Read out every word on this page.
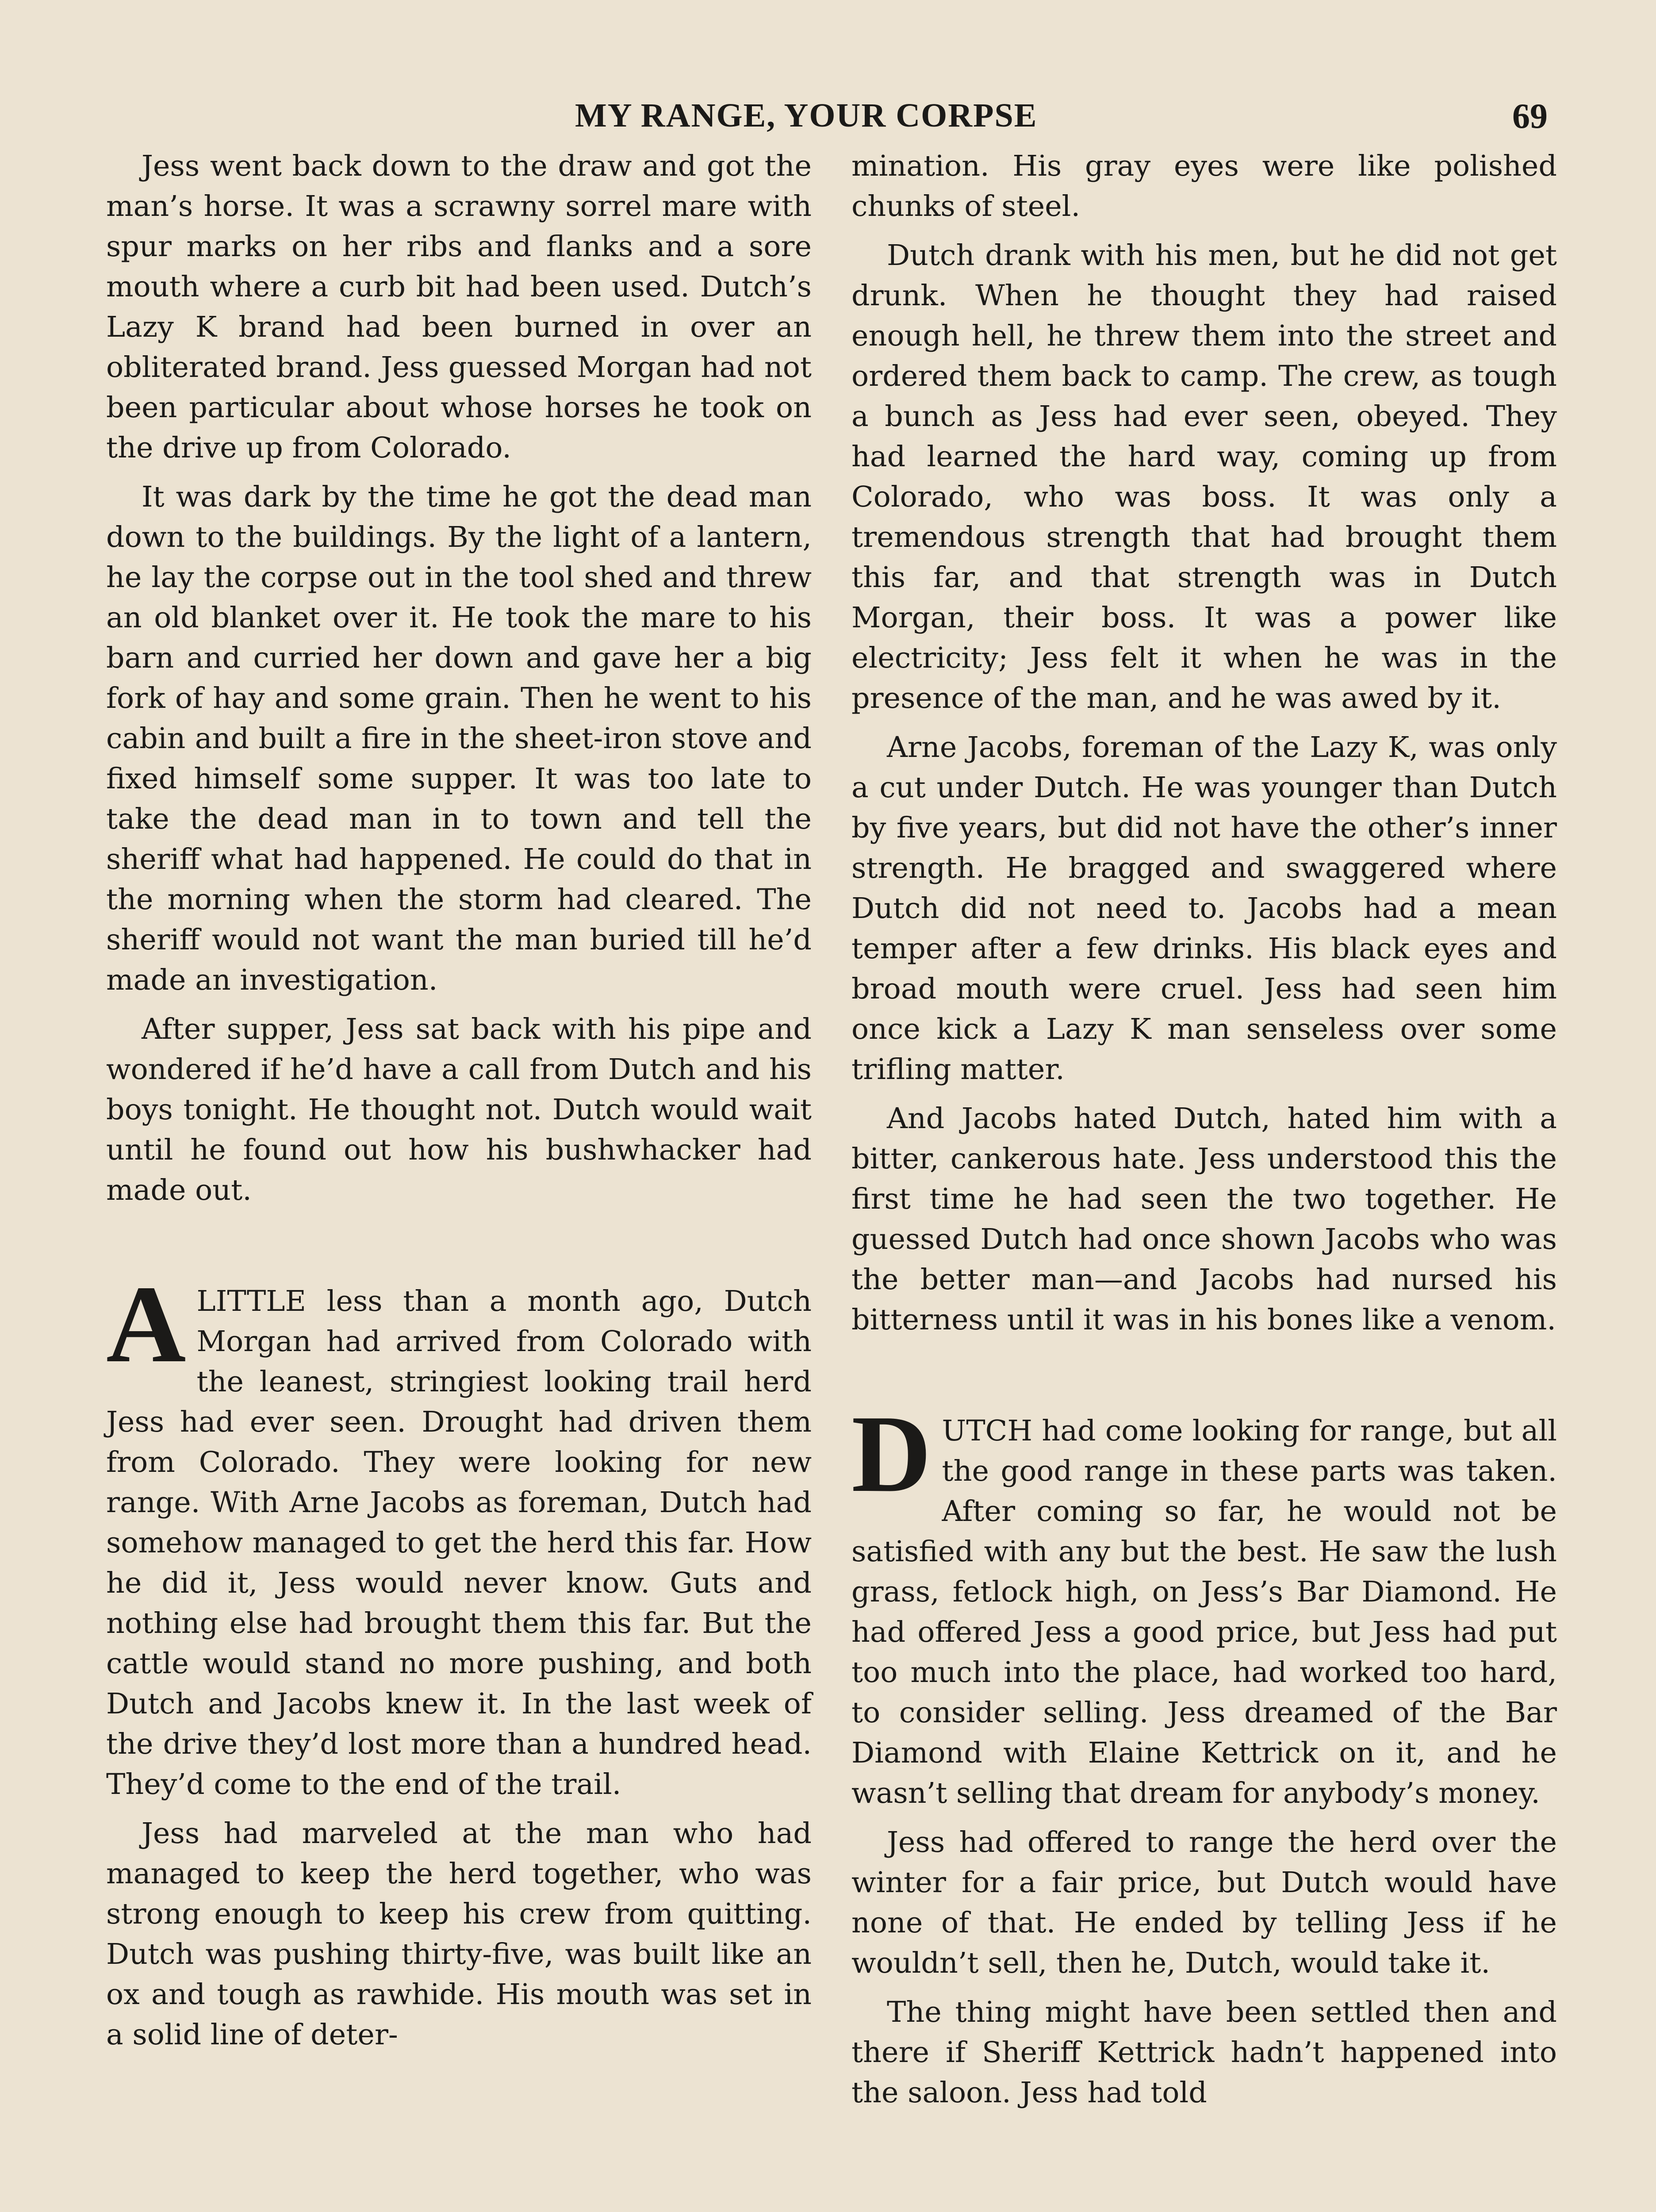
MY RANGE, YOUR CORPSE	69

Jess went back down to the draw and got the man’s horse. It was a scrawny sorrel mare with spur marks on her ribs and flanks and a sore mouth where a curb bit had been used. Dutch’s Lazy K brand had been burned in over an obliterated brand. Jess guessed Morgan had not been particular about whose horses he took on the drive up from Colorado.

It was dark by the time he got the dead man down to the buildings. By the light of a lantern, he lay the corpse out in the tool shed and threw an old blanket over it. He took the mare to his barn and curried her down and gave her a big fork of hay and some grain. Then he went to his cabin and built a fire in the sheet-iron stove and fixed himself some supper. It was too late to take the dead man in to town and tell the sheriff what had happened. He could do that in the morning when the storm had cleared. The sheriff would not want the man buried till he’d made an investigation.

After supper, Jess sat back with his pipe and wondered if he’d have a call from Dutch and his boys tonight. He thought not. Dutch would wait until he found out how his bushwhacker had made out.

ALITTLE less than a month ago, Dutch Morgan had arrived from Colorado with the leanest, stringiest looking trail herd Jess had ever seen. Drought had driven them from Colorado. They were looking for new range. With Arne Jacobs as foreman, Dutch had somehow managed to get the herd this far. How he did it, Jess would never know. Guts and nothing else had brought them this far. But the cattle would stand no more pushing, and both Dutch and Jacobs knew it. In the last week of the drive they’d lost more than a hundred head. They’d come to the end of the trail.

Jess had marveled at the man who had managed to keep the herd together, who was strong enough to keep his crew from quitting. Dutch was pushing thirty-five, was built like an ox and tough as rawhide. His mouth was set in a solid line of deter-

mination. His gray eyes were like polished chunks of steel.

Dutch drank with his men, but he did not get drunk. When he thought they had raised enough hell, he threw them into the street and ordered them back to camp. The crew, as tough a bunch as Jess had ever seen, obeyed. They had learned the hard way, coming up from Colorado, who was boss. It was only a tremendous strength that had brought them this far, and that strength was in Dutch Morgan, their boss. It was a power like electricity; Jess felt it when he was in the presence of the man, and he was awed by it.

Arne Jacobs, foreman of the Lazy K, was only a cut under Dutch. He was younger than Dutch by five years, but did not have the other’s inner strength. He bragged and swaggered where Dutch did not need to. Jacobs had a mean temper after a few drinks. His black eyes and broad mouth were cruel. Jess had seen him once kick a Lazy K man senseless over some trifling matter.

And Jacobs hated Dutch, hated him with a bitter, cankerous hate. Jess understood this the first time he had seen the two together. He guessed Dutch had once shown Jacobs who was the better man—and Jacobs had nursed his bitterness until it was in his bones like a venom.

DUTCH had come looking for range, but all the good range in these parts was taken. After coming so far, he would not be satisfied with any but the best. He saw the lush grass, fetlock high, on Jess’s Bar Diamond. He had offered Jess a good price, but Jess had put too much into the place, had worked too hard, to consider selling. Jess dreamed of the Bar Diamond with Elaine Kettrick on it, and he wasn’t selling that dream for anybody’s money.

Jess had offered to range the herd over the winter for a fair price, but Dutch would have none of that. He ended by telling Jess if he wouldn’t sell, then he, Dutch, would take it.

The thing might have been settled then and there if Sheriff Kettrick hadn’t happened into the saloon. Jess had told
